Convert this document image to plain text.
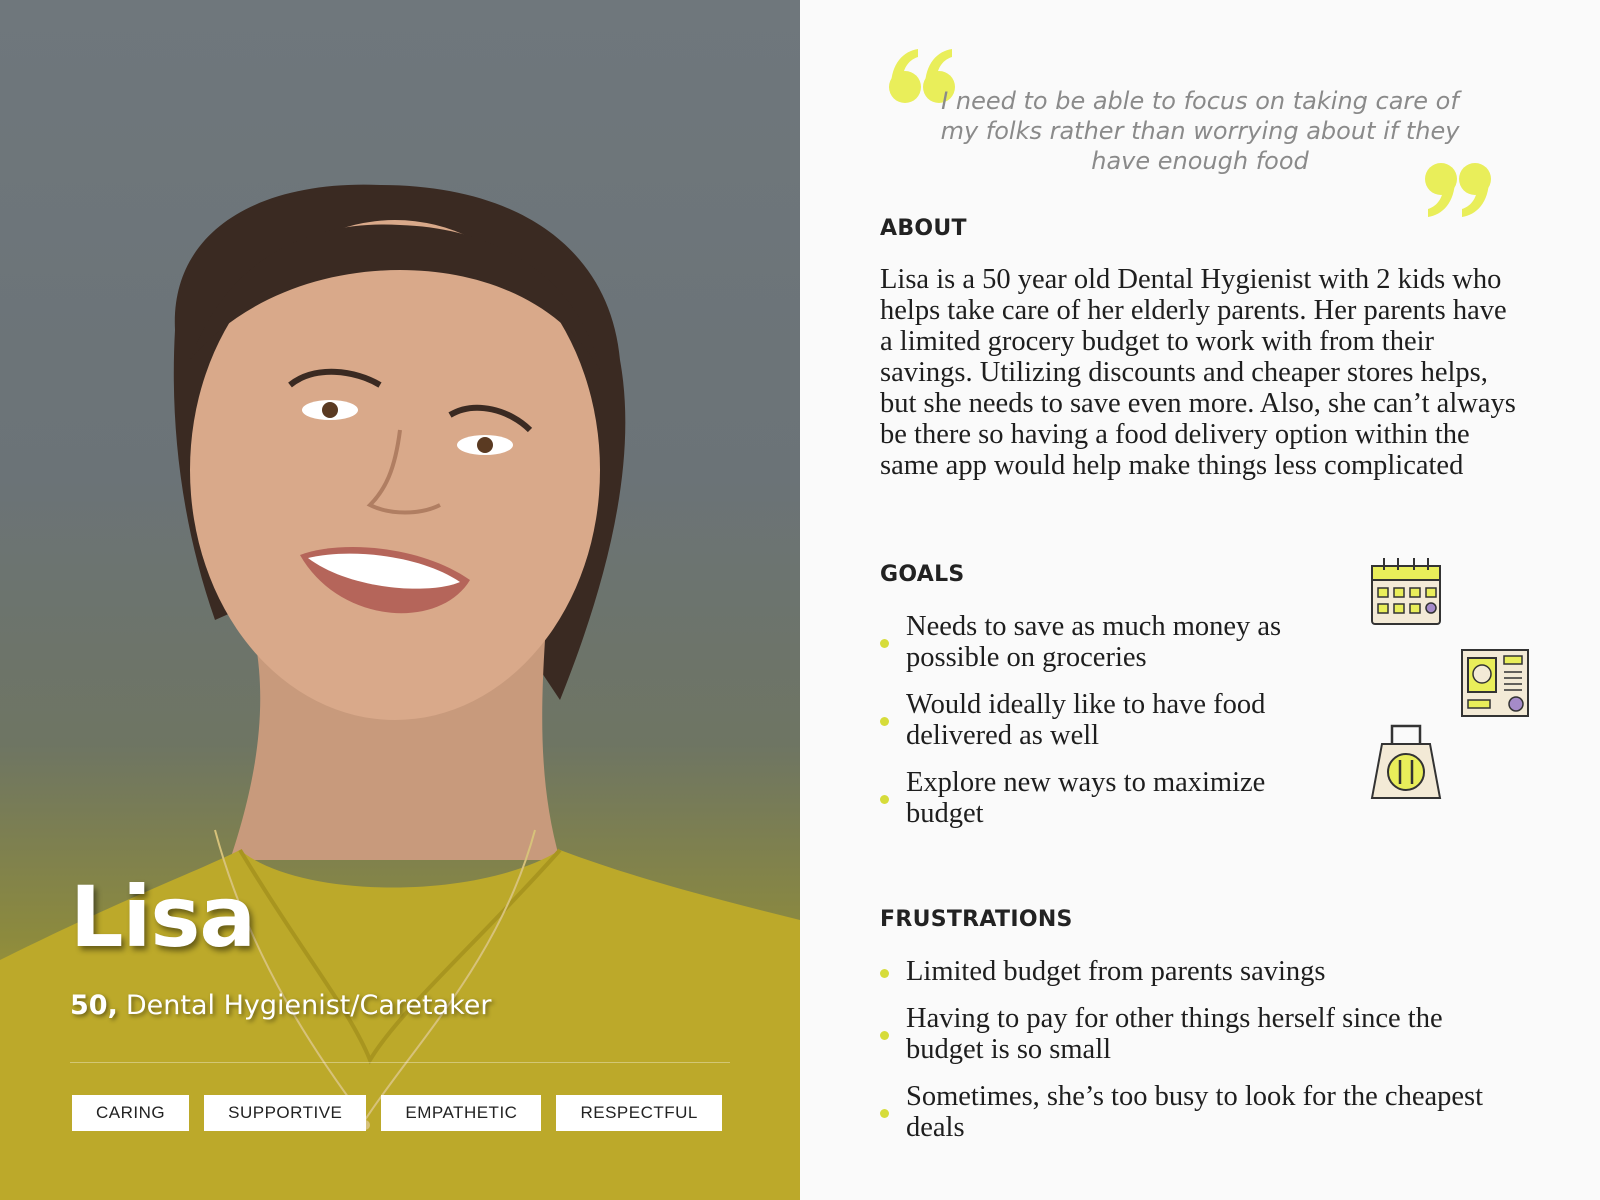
Lisa
50, Dental Hygienist/Caretaker
CARING	SUPPORTIVE	EMPATHETIC	RESPECTFUL
I need to be able to focus on taking care of my folks rather than worrying about if they have enough food
ABOUT
Lisa is a 50 year old Dental Hygienist with 2 kids who helps take care of her elderly parents. Her parents have a limited grocery budget to work with from their savings. Utilizing discounts and cheaper stores helps, but she needs to save even more. Also, she can’t always be there so having a food delivery option within the same app would help make things less complicated
GOALS
Needs to save as much money as possible on groceries
Would ideally like to have food delivered as well
Explore new ways to maximize budget
FRUSTRATIONS
Limited budget from parents savings
Having to pay for other things herself since the budget is so small
Sometimes, she’s too busy to look for the cheapest deals
